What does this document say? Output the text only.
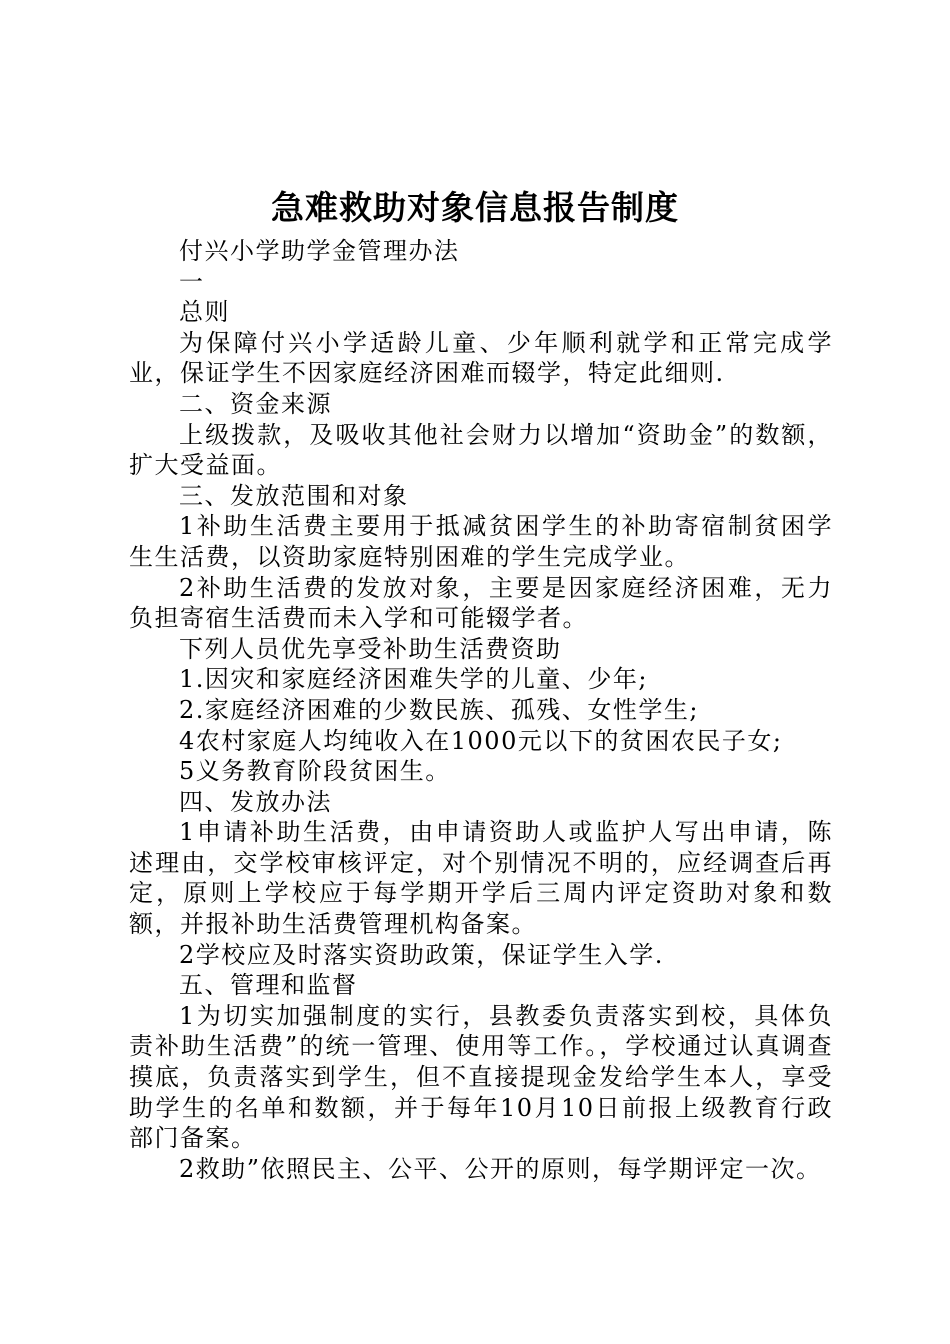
急难救助对象信息报告制度

付兴小学助学金管理办法

一

总则

为保障付兴小学适龄儿童、少年顺利就学和正常完成学业，保证学生不因家庭经济困难而辍学，特定此细则.

二、资金来源

上级拨款，及吸收其他社会财力以增加“资助金”的数额，扩大受益面。

三、发放范围和对象

1补助生活费主要用于抵减贫困学生的补助寄宿制贫困学生生活费，以资助家庭特别困难的学生完成学业。

2补助生活费的发放对象，主要是因家庭经济困难，无力负担寄宿生活费而未入学和可能辍学者。

下列人员优先享受补助生活费资助

1.因灾和家庭经济困难失学的儿童、少年;

2.家庭经济困难的少数民族、孤残、女性学生;

4农村家庭人均纯收入在1000元以下的贫困农民子女;

5义务教育阶段贫困生。

四、发放办法

1申请补助生活费，由申请资助人或监护人写出申请，陈述理由，交学校审核评定，对个别情况不明的，应经调查后再定，原则上学校应于每学期开学后三周内评定资助对象和数额，并报补助生活费管理机构备案。

2学校应及时落实资助政策，保证学生入学.

五、管理和监督

1为切实加强制度的实行，县教委负责落实到校，具体负责补助生活费”的统一管理、使用等工作。，学校通过认真调查摸底，负责落实到学生，但不直接提现金发给学生本人，享受助学生的名单和数额，并于每年10月10日前报上级教育行政部门备案。

2救助”依照民主、公平、公开的原则，每学期评定一次。
